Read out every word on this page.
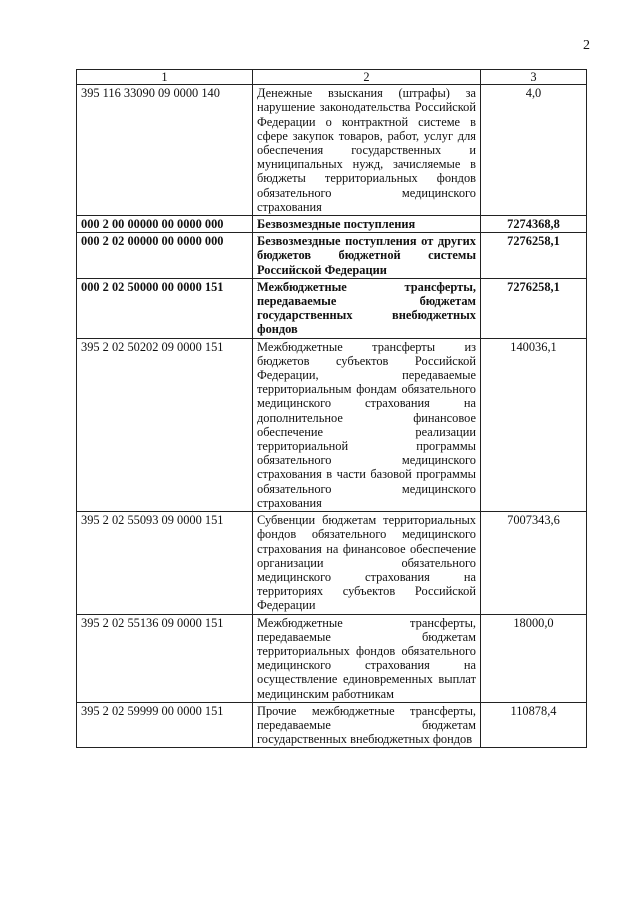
2
1	2	3
395 116 33090 09 0000 140	Денежные взыскания (штрафы) за нарушение законодательства Российской Федерации о контрактной системе в сфере закупок товаров, работ, услуг для обеспечения государственных и муниципальных нужд, зачисляемые в бюджеты территориальных фондов обязательного медицинского страхования	4,0
000 2 00 00000 00 0000 000	Безвозмездные поступления	7274368,8
000 2 02 00000 00 0000 000	Безвозмездные поступления от других бюджетов бюджетной системы Российской Федерации	7276258,1
000 2 02 50000 00 0000 151	Межбюджетные трансферты, передаваемые бюджетам государственных внебюджетных фондов	7276258,1
395 2 02 50202 09 0000 151	Межбюджетные трансферты из бюджетов субъектов Российской Федерации, передаваемые территориальным фондам обязательного медицинского страхования на дополнительное финансовое обеспечение реализации территориальной программы обязательного медицинского страхования в части базовой программы обязательного медицинского страхования	140036,1
395 2 02 55093 09 0000 151	Субвенции бюджетам территориальных фондов обязательного медицинского страхования на финансовое обеспечение организации обязательного медицинского страхования на территориях субъектов Российской Федерации	7007343,6
395 2 02 55136 09 0000 151	Межбюджетные трансферты, передаваемые бюджетам территориальных фондов обязательного медицинского страхования на осуществление единовременных выплат медицинским работникам	18000,0
395 2 02 59999 00 0000 151	Прочие межбюджетные трансферты, передаваемые бюджетам государственных внебюджетных фондов	110878,4
